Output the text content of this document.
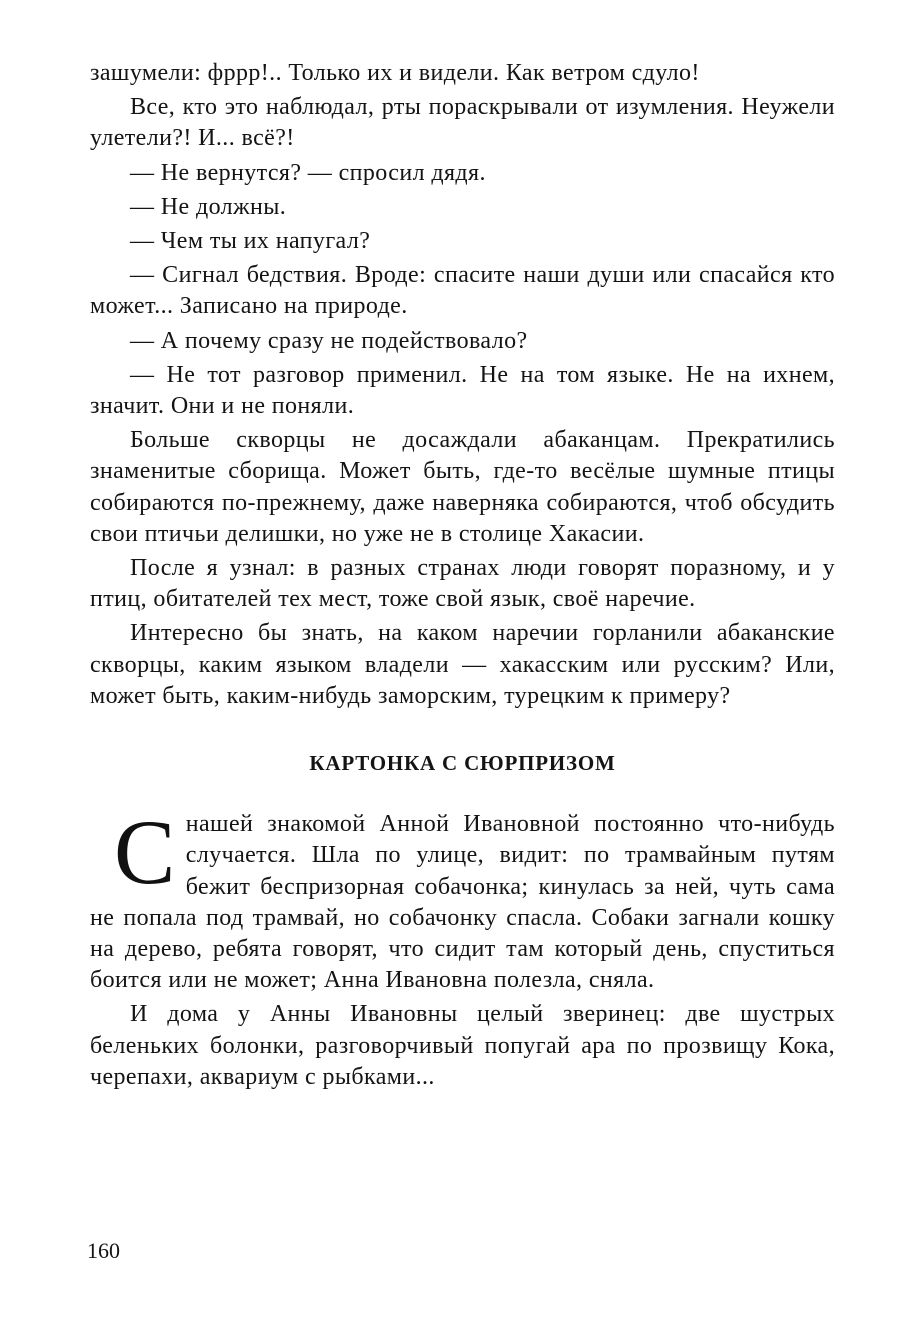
зашумели: фррр!.. Только их и видели. Как ветром сдуло!

Все, кто это наблюдал, рты пораскрывали от изумления. Неужели улетели?! И... всё?!

— Не вернутся? — спросил дядя.

— Не должны.

— Чем ты их напугал?

— Сигнал бедствия. Вроде: спасите наши души или спасайся кто может... Записано на природе.

— А почему сразу не подействовало?

— Не тот разговор применил. Не на том языке. Не на ихнем, значит. Они и не поняли.

Больше скворцы не досаждали абаканцам. Прекратились знаменитые сборища. Может быть, где-то весёлые шумные птицы собираются по-прежнему, даже наверняка собираются, чтоб обсудить свои птичьи делишки, но уже не в столице Хакасии.

После я узнал: в разных странах люди говорят поразному, и у птиц, обитателей тех мест, тоже свой язык, своё наречие.

Интересно бы знать, на каком наречии горланили абаканские скворцы, каким языком владели — хакасским или русским? Или, может быть, каким-нибудь заморским, турецким к примеру?

КАРТОНКА С СЮРПРИЗОМ

Снашей знакомой Анной Ивановной постоянно что-нибудь случается. Шла по улице, видит: по трамвайным путям бежит беспризорная собачонка; кинулась за ней, чуть сама не попала под трамвай, но собачонку спасла. Собаки загнали кошку на дерево, ребята говорят, что сидит там который день, спуститься боится или не может; Анна Ивановна полезла, сняла.

И дома у Анны Ивановны целый зверинец: две шустрых беленьких болонки, разговорчивый попугай ара по прозвищу Кока, черепахи, аквариум с рыбками...

160
